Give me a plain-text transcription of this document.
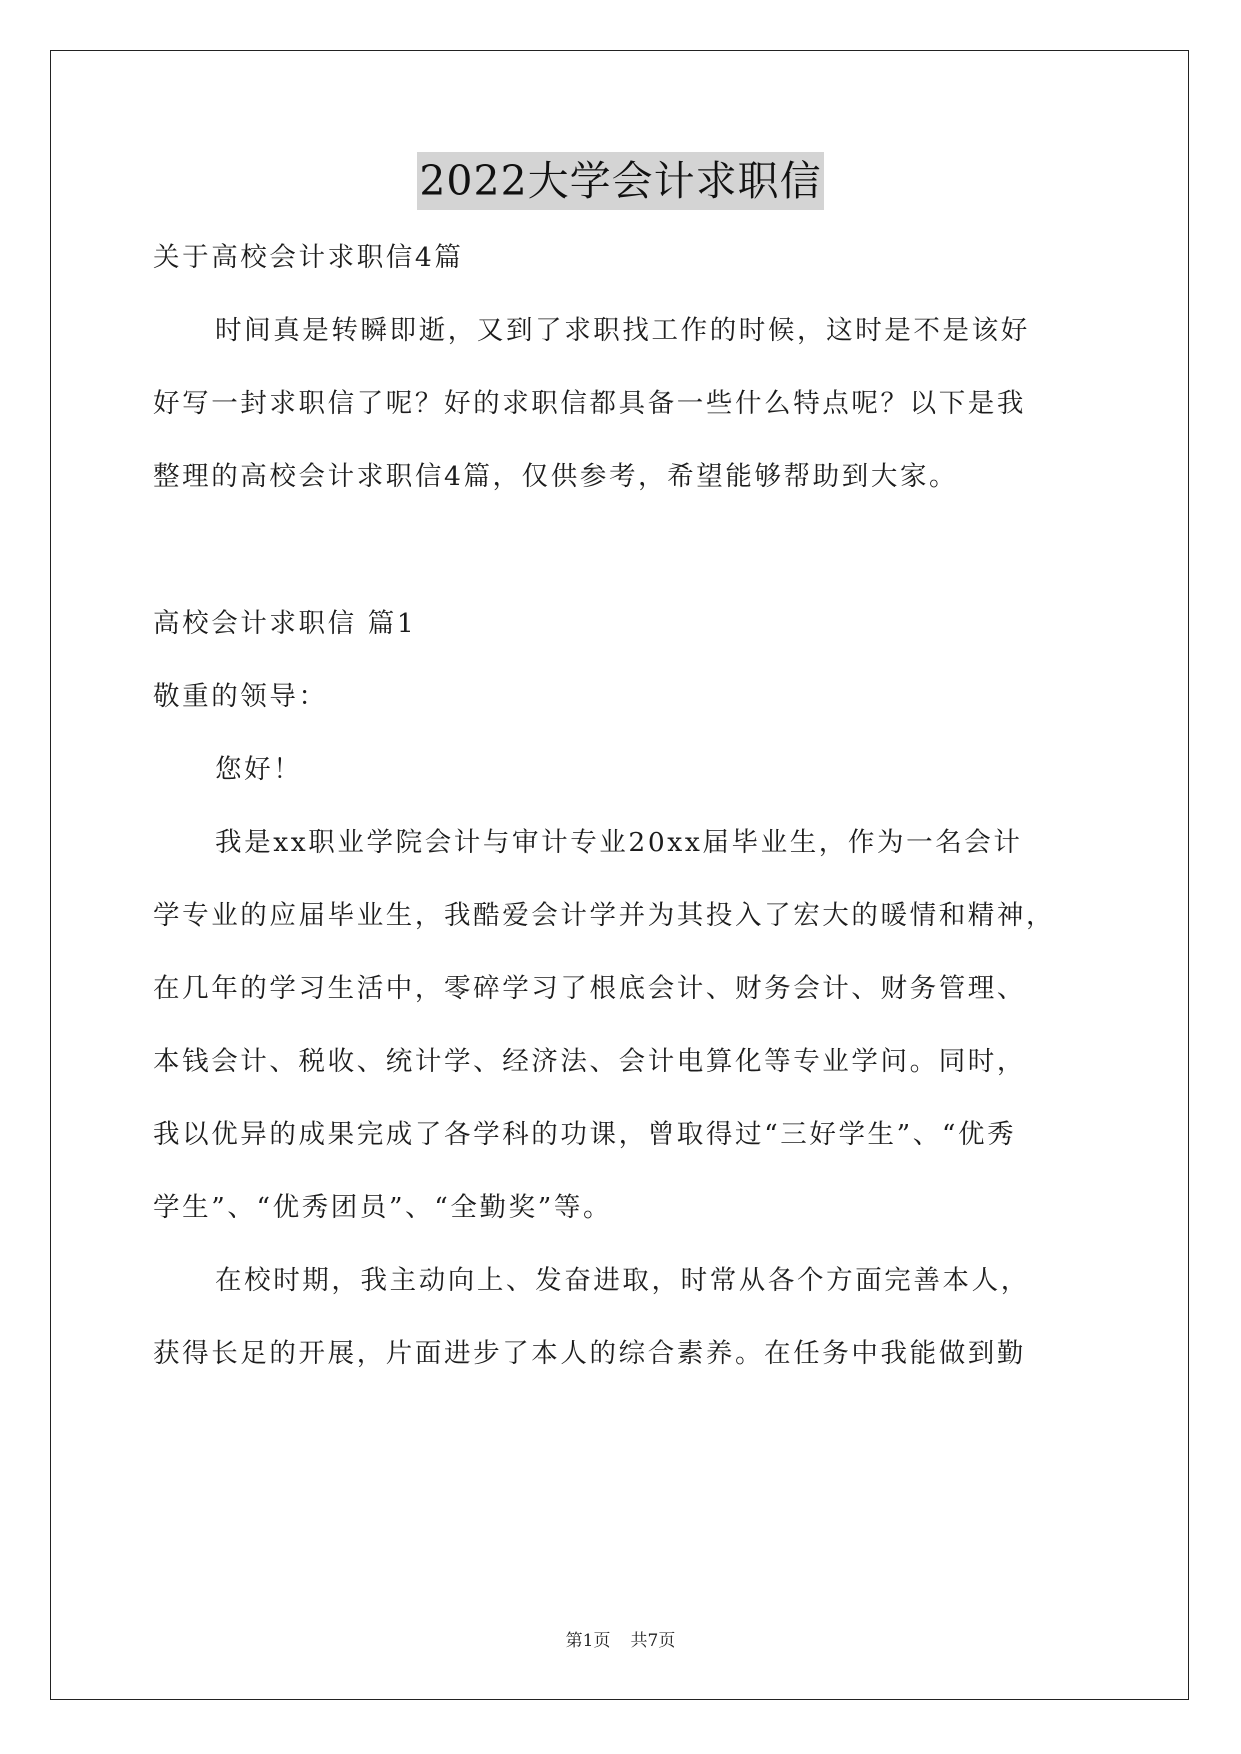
2022大学会计求职信
关于高校会计求职信4篇
时间真是转瞬即逝，又到了求职找工作的时候，这时是不是该好
好写一封求职信了呢？好的求职信都具备一些什么特点呢？以下是我
整理的高校会计求职信4篇，仅供参考，希望能够帮助到大家。
高校会计求职信 篇1
敬重的领导：
您好！
我是xx职业学院会计与审计专业20xx届毕业生，作为一名会计
学专业的应届毕业生，我酷爱会计学并为其投入了宏大的暖情和精神，
在几年的学习生活中，零碎学习了根底会计、财务会计、财务管理、
本钱会计、税收、统计学、经济法、会计电算化等专业学问。同时，
我以优异的成果完成了各学科的功课，曾取得过“三好学生”、“优秀
学生”、“优秀团员”、“全勤奖”等。
在校时期，我主动向上、发奋进取，时常从各个方面完善本人，
获得长足的开展，片面进步了本人的综合素养。在任务中我能做到勤
第1页 共7页
